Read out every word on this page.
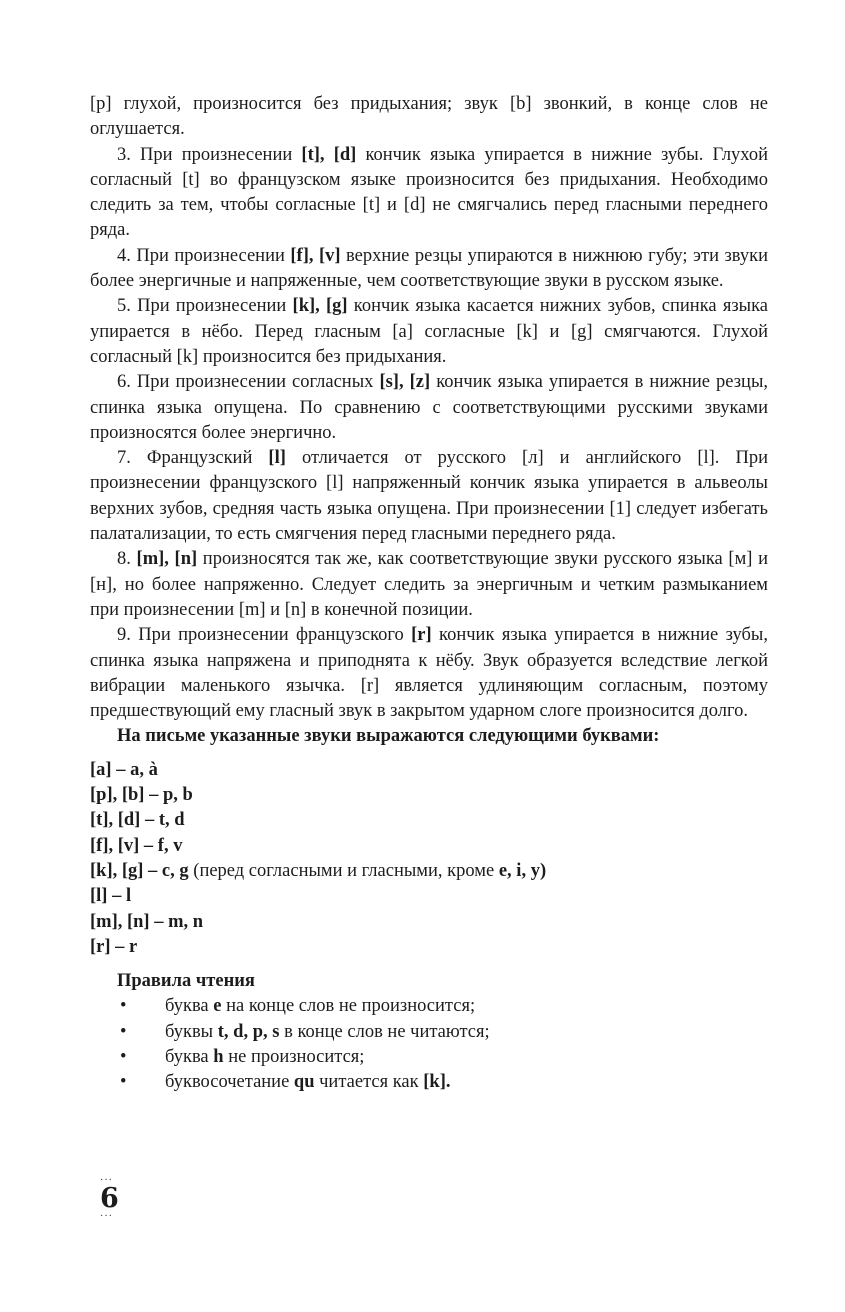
[p] глухой, произносится без придыхания; звук [b] звонкий, в конце слов не оглушается.

3. При произнесении [t], [d] кончик языка упирается в нижние зубы. Глухой согласный [t] во французском языке произносится без придыхания. Необходимо следить за тем, чтобы согласные [t] и [d] не смягчались перед гласными переднего ряда.

4. При произнесении [f], [v] верхние резцы упираются в нижнюю губу; эти звуки более энергичные и напряженные, чем соответствующие звуки в русском языке.

5. При произнесении [k], [g] кончик языка касается нижних зубов, спинка языка упирается в нёбо. Перед гласным [a] согласные [k] и [g] смягчаются. Глухой согласный [k] произносится без придыхания.

6. При произнесении согласных [s], [z] кончик языка упирается в нижние резцы, спинка языка опущена. По сравнению с соответствующими русскими звуками произносятся более энергично.

7. Французский [l] отличается от русского [л] и английского [l]. При произнесении французского [l] напряженный кончик языка упирается в альвеолы верхних зубов, средняя часть языка опущена. При произнесении [1] следует избегать палатализации, то есть смягчения перед гласными переднего ряда.

8. [m], [n] произносятся так же, как соответствующие звуки русского языка [м] и [н], но более напряженно. Следует следить за энергичным и четким размыканием при произнесении [m] и [n] в конечной позиции.

9. При произнесении французского [r] кончик языка упирается в нижние зубы, спинка языка напряжена и приподнята к нёбу. Звук образуется вследствие легкой вибрации маленького язычка. [r] является удлиняющим согласным, поэтому предшествующий ему гласный звук в закрытом ударном слоге произносится долго.

На письме указанные звуки выражаются следующими буквами:

[a] – a, à
[p], [b] – p, b
[t], [d] – t, d
[f], [v] – f, v
[k], [g] – c, g (перед согласными и гласными, кроме e, i, y)
[l] – l
[m], [n] – m, n
[r] – r
Правила чтения
• буква e на конце слов не произносится;
• буквы t, d, p, s в конце слов не читаются;
• буква h не произносится;
• буквосочетание qu читается как [k].
···
6
···
